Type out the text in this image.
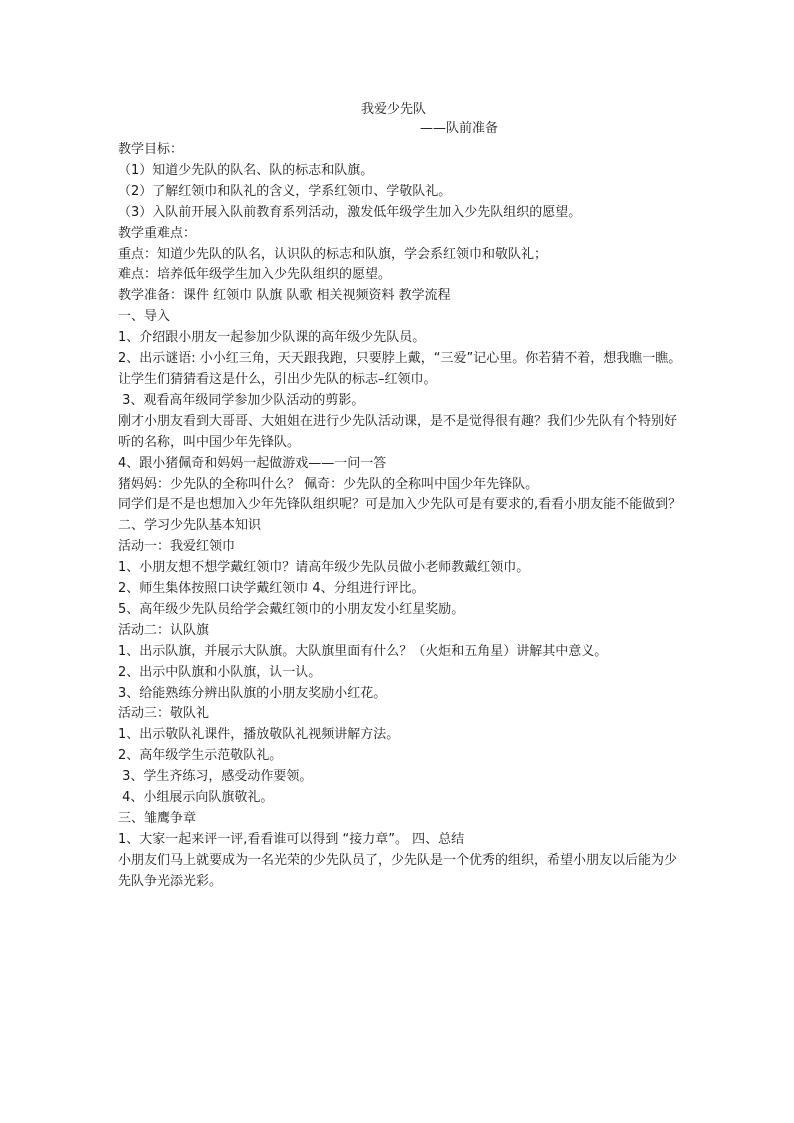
我爱少先队
——队前准备
教学目标：
（1）知道少先队的队名、队的标志和队旗。
（2）了解红领巾和队礼的含义，学系红领巾、学敬队礼。
（3）入队前开展入队前教育系列活动，激发低年级学生加入少先队组织的愿望。
教学重难点：
重点：知道少先队的队名，认识队的标志和队旗，学会系红领巾和敬队礼；
难点：培养低年级学生加入少先队组织的愿望。
教学准备：课件 红领巾 队旗 队歌 相关视频资料 教学流程
一、导入
1、介绍跟小朋友一起参加少队课的高年级少先队员。
2、出示谜语: 小小红三角，天天跟我跑，只要脖上戴，“三爱”记心里。你若猜不着，想我瞧一瞧。
让学生们猜猜看这是什么，引出少先队的标志–红领巾。
3、观看高年级同学参加少队活动的剪影。
刚才小朋友看到大哥哥、大姐姐在进行少先队活动课，是不是觉得很有趣？我们少先队有个特别好听的名称，叫中国少年先锋队。
4、跟小猪佩奇和妈妈一起做游戏——一问一答
猪妈妈：少先队的全称叫什么？ 佩奇：少先队的全称叫中国少年先锋队。
同学们是不是也想加入少年先锋队组织呢？可是加入少先队可是有要求的,看看小朋友能不能做到？
二、学习少先队基本知识
活动一：我爱红领巾
1、小朋友想不想学戴红领巾？请高年级少先队员做小老师教戴红领巾。
2、师生集体按照口诀学戴红领巾 4、分组进行评比。
5、高年级少先队员给学会戴红领巾的小朋友发小红星奖励。
活动二：认队旗
1、出示队旗，并展示大队旗。大队旗里面有什么？（火炬和五角星）讲解其中意义。
2、出示中队旗和小队旗，认一认。
3、给能熟练分辨出队旗的小朋友奖励小红花。
活动三：敬队礼
1、出示敬队礼课件，播放敬队礼视频讲解方法。
2、高年级学生示范敬队礼。
3、学生齐练习，感受动作要领。
4、小组展示向队旗敬礼。
三、雏鹰争章
1、大家一起来评一评,看看谁可以得到 “接力章”。 四、总结
小朋友们马上就要成为一名光荣的少先队员了，少先队是一个优秀的组织，希望小朋友以后能为少先队争光添光彩。
